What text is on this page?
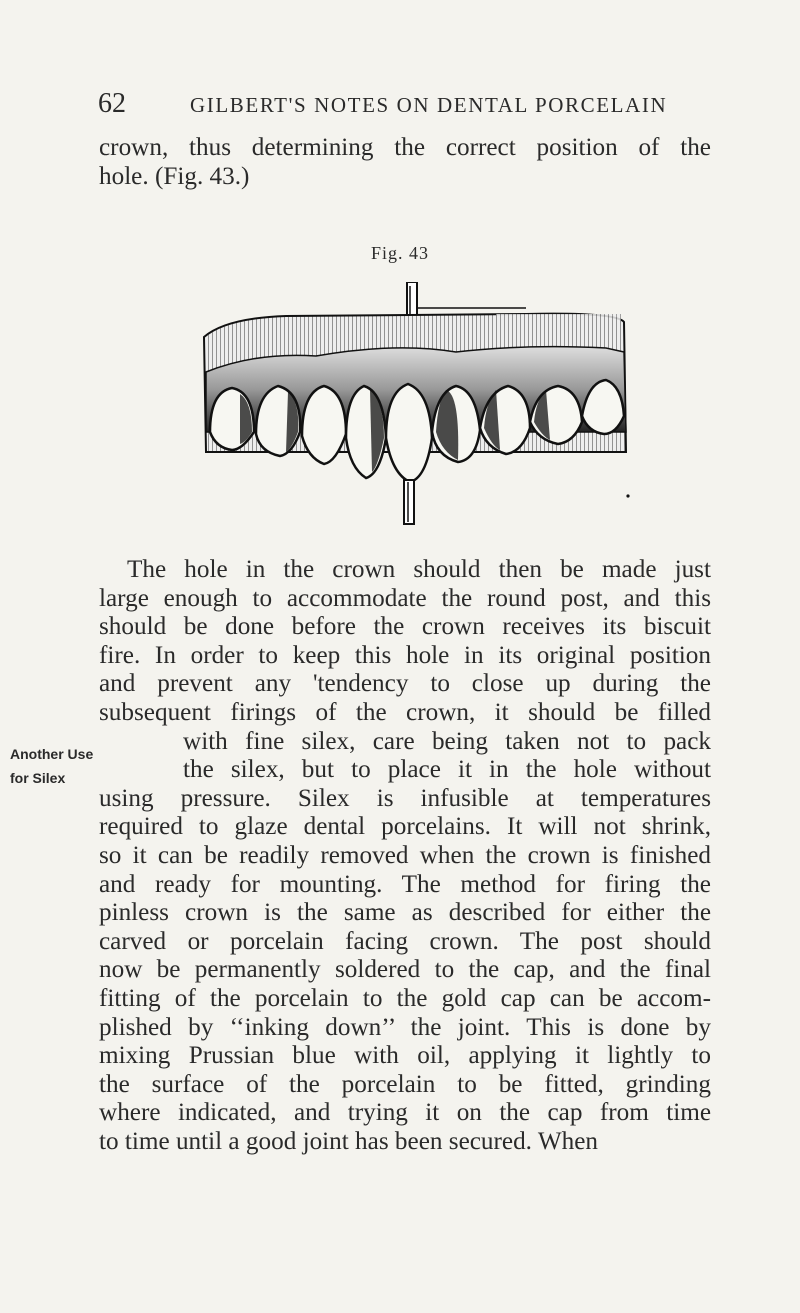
62	GILBERT'S NOTES ON DENTAL PORCELAIN
crown, thus determining the correct position of the
hole. (Fig. 43.)
Fig. 43
Another Use
for Silex
The hole in the crown should then be made just
large enough to accommodate the round post, and this
should be done before the crown receives its biscuit
fire. In order to keep this hole in its original position
and prevent any 'tendency to close up during the
subsequent firings of the crown, it should be filled
with fine silex, care being taken not to pack
the silex, but to place it in the hole without
using pressure. Silex is infusible at temperatures
required to glaze dental porcelains. It will not shrink,
so it can be readily removed when the crown is finished
and ready for mounting. The method for firing the
pinless crown is the same as described for either the
carved or porcelain facing crown. The post should
now be permanently soldered to the cap, and the final
fitting of the porcelain to the gold cap can be accom-
plished by ‘‘inking down’’ the joint. This is done by
mixing Prussian blue with oil, applying it lightly to
the surface of the porcelain to be fitted, grinding
where indicated, and trying it on the cap from time
to time until a good joint has been secured. When
